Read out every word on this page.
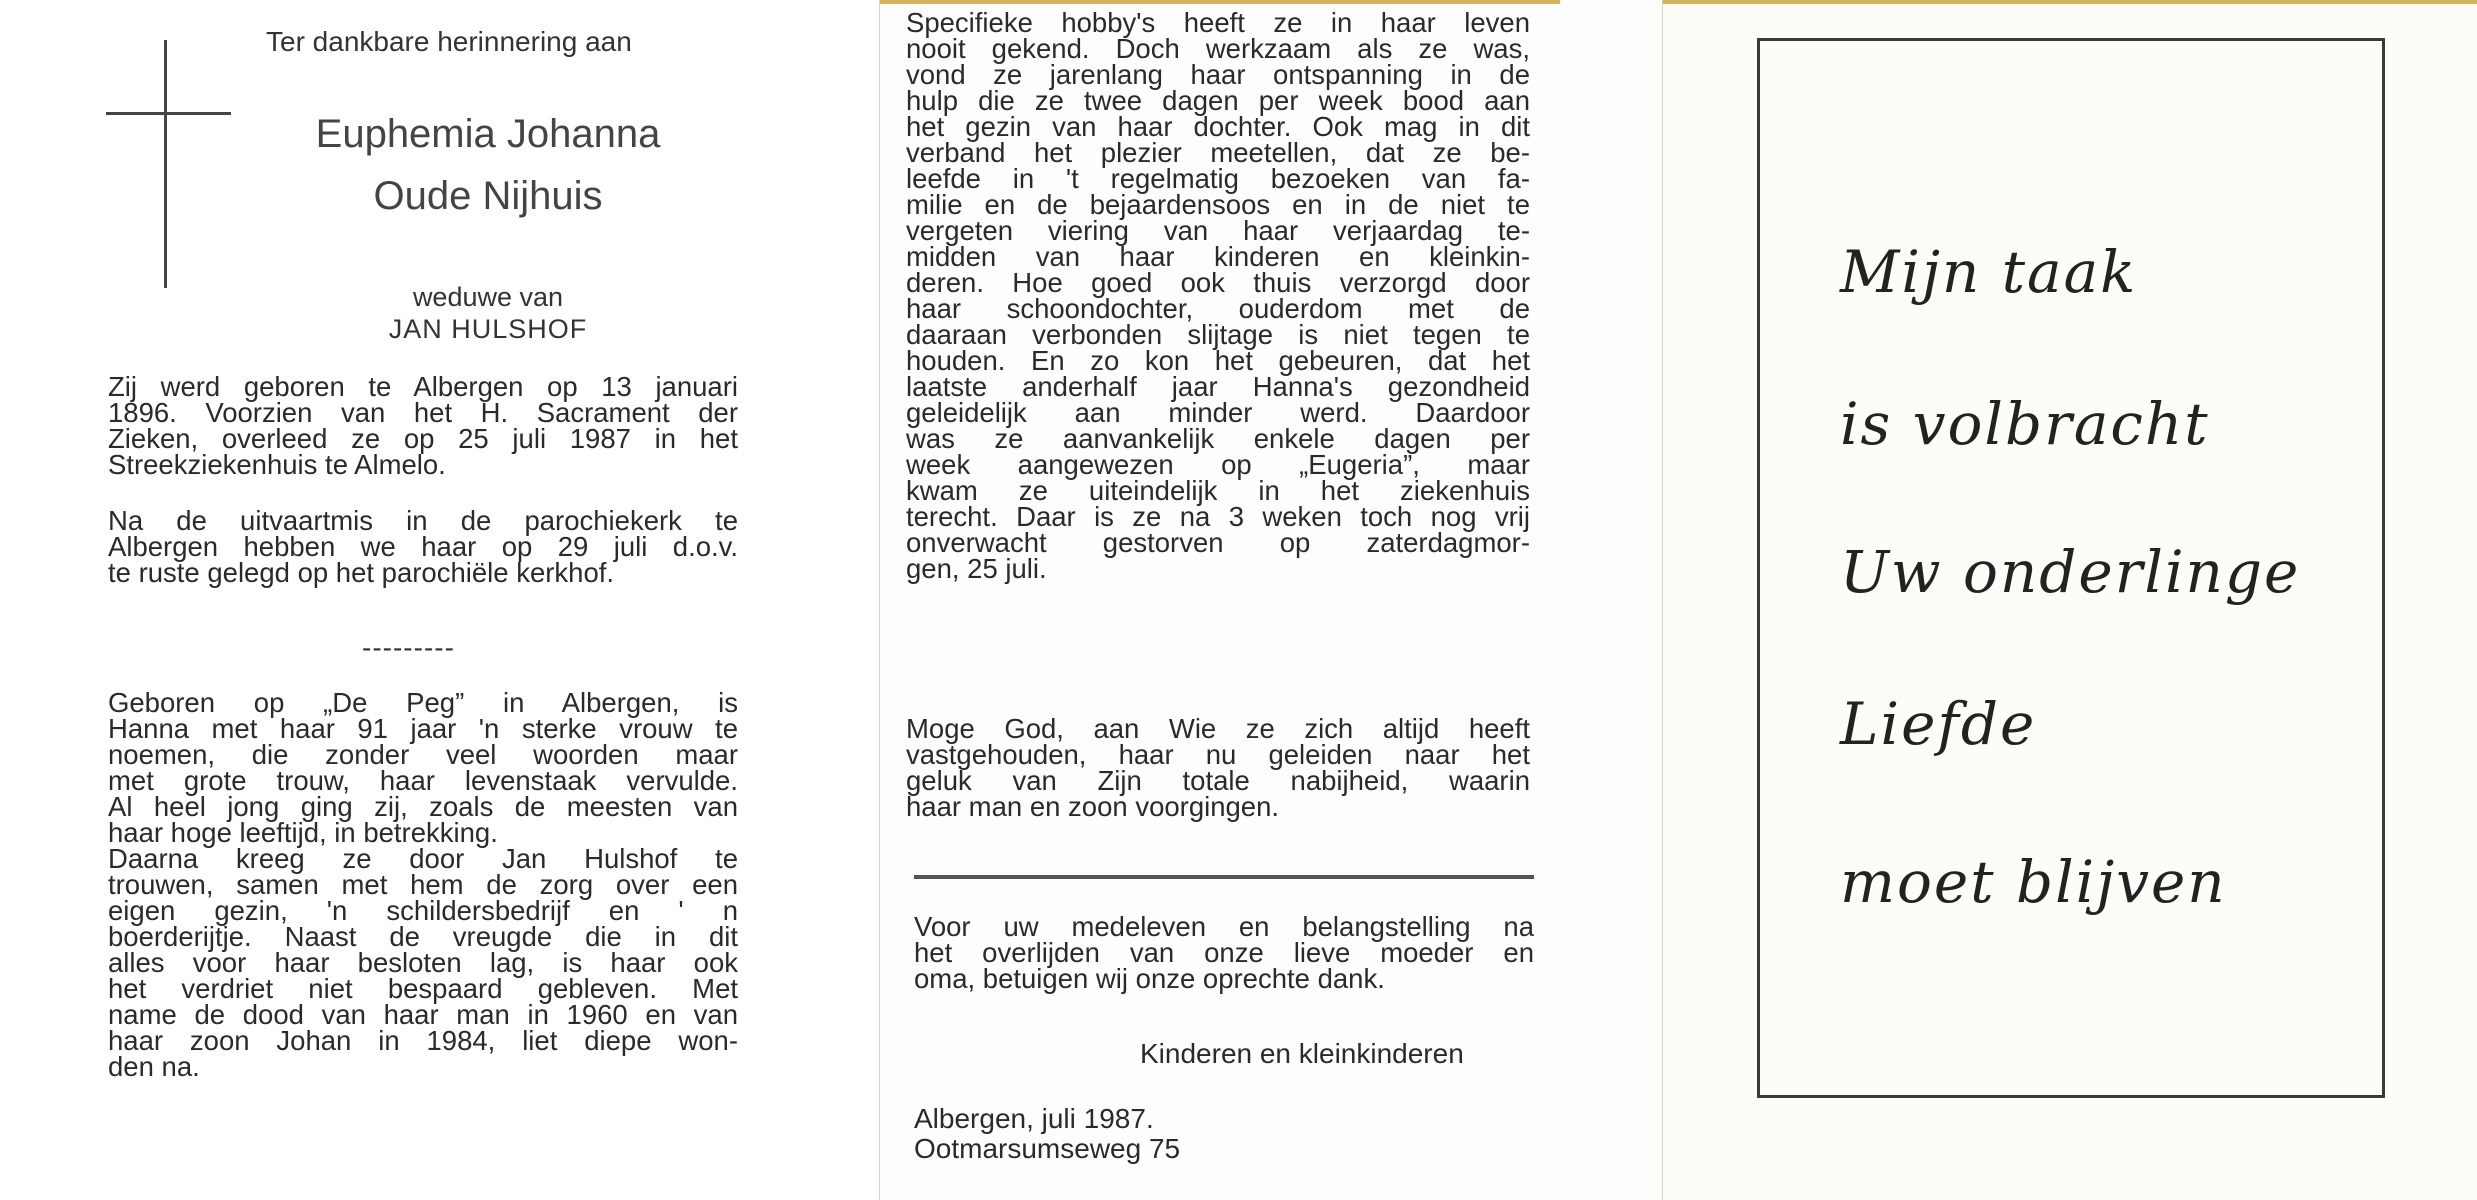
Ter dankbare herinnering aan
Euphemia Johanna
Oude Nijhuis
weduwe van
JAN HULSHOF
Zij werd geboren te Albergen op 13 januari
1896. Voorzien van het H. Sacrament der
Zieken, overleed ze op 25 juli 1987 in het
Streekziekenhuis te Almelo.
Na de uitvaartmis in de parochiekerk te
Albergen hebben we haar op 29 juli d.o.v.
te ruste gelegd op het parochiële kerkhof.
---------
Geboren op „De Peg” in Albergen, is
Hanna met haar 91 jaar 'n sterke vrouw te
noemen, die zonder veel woorden maar
met grote trouw, haar levenstaak vervulde.
Al heel jong ging zij, zoals de meesten van
haar hoge leeftijd, in betrekking.
Daarna kreeg ze door Jan Hulshof te
trouwen, samen met hem de zorg over een
eigen gezin, 'n schildersbedrijf en ' n
boerderijtje. Naast de vreugde die in dit
alles voor haar besloten lag, is haar ook
het verdriet niet bespaard gebleven. Met
name de dood van haar man in 1960 en van
haar zoon Johan in 1984, liet diepe won-
den na.
Specifieke hobby's heeft ze in haar leven
nooit gekend. Doch werkzaam als ze was,
vond ze jarenlang haar ontspanning in de
hulp die ze twee dagen per week bood aan
het gezin van haar dochter. Ook mag in dit
verband het plezier meetellen, dat ze be-
leefde in 't regelmatig bezoeken van fa-
milie en de bejaardensoos en in de niet te
vergeten viering van haar verjaardag te-
midden van haar kinderen en kleinkin-
deren. Hoe goed ook thuis verzorgd door
haar schoondochter, ouderdom met de
daaraan verbonden slijtage is niet tegen te
houden. En zo kon het gebeuren, dat het
laatste anderhalf jaar Hanna's gezondheid
geleidelijk aan minder werd. Daardoor
was ze aanvankelijk enkele dagen per
week aangewezen op „Eugeria”, maar
kwam ze uiteindelijk in het ziekenhuis
terecht. Daar is ze na 3 weken toch nog vrij
onverwacht gestorven op zaterdagmor-
gen, 25 juli.
Moge God, aan Wie ze zich altijd heeft
vastgehouden, haar nu geleiden naar het
geluk van Zijn totale nabijheid, waarin
haar man en zoon voorgingen.
Voor uw medeleven en belangstelling na
het overlijden van onze lieve moeder en
oma, betuigen wij onze oprechte dank.
Kinderen en kleinkinderen
Albergen, juli 1987.
Ootmarsumseweg 75
Mijn taak
is volbracht
Uw onderlinge
Liefde
moet blijven
